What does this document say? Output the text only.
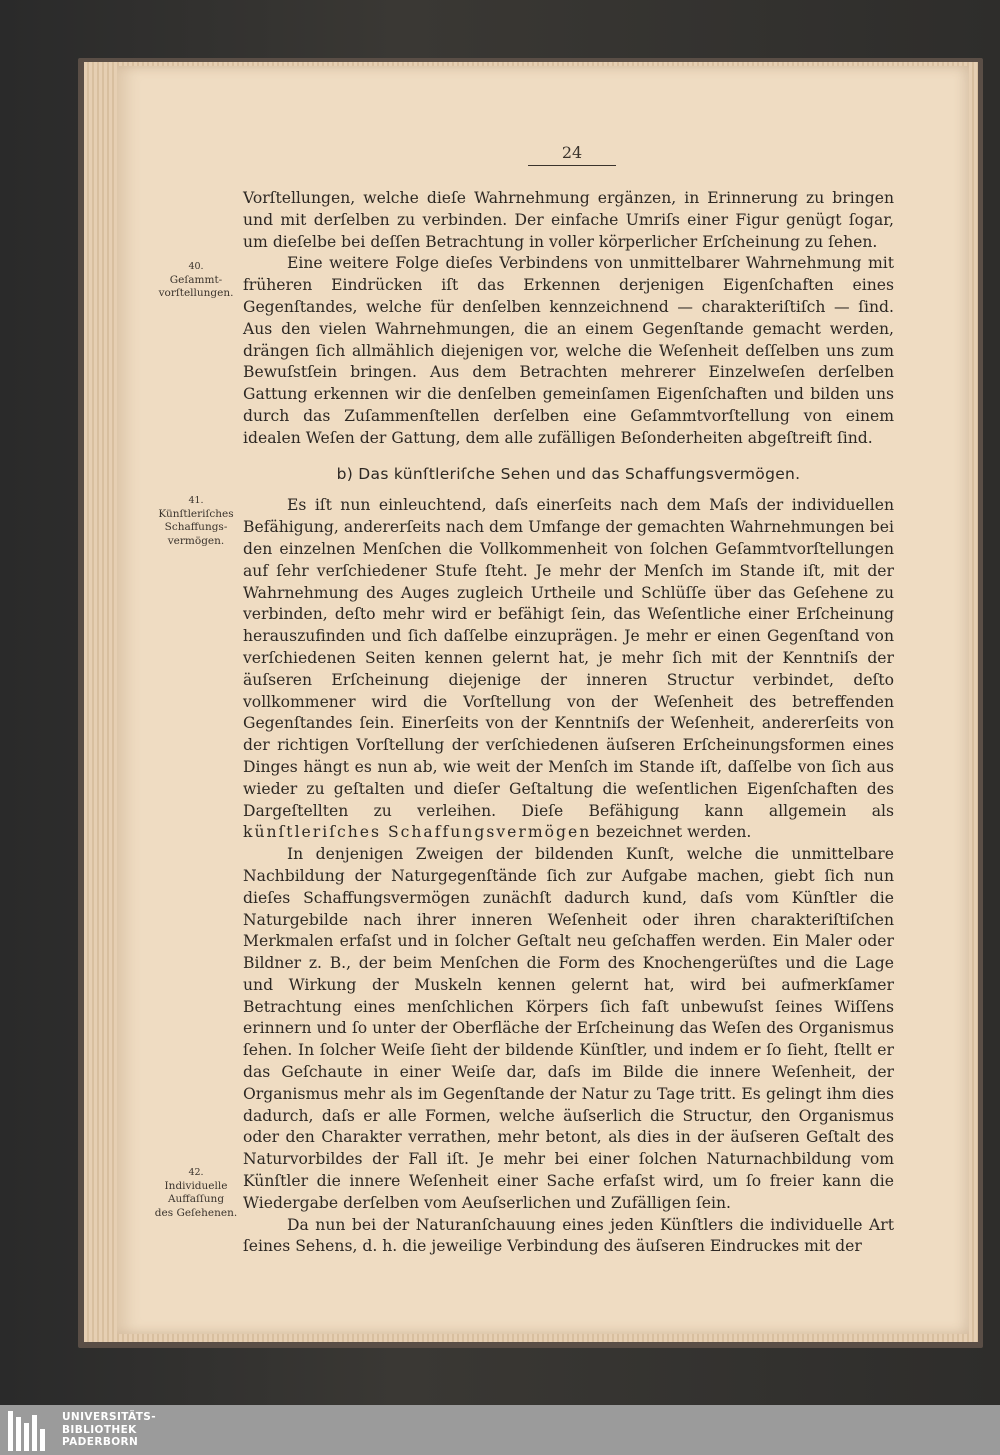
24
40.
Geſammt-
vorſtellungen.
41.
Künſtleriſches
Schaffungs-
vermögen.
42.
Individuelle
Auffaſſung
des Geſehenen.
Vorſtellungen, welche dieſe Wahrnehmung ergänzen, in Erinnerung zu bringen und mit derſelben zu verbinden. Der einfache Umriſs einer Figur genügt ſogar, um dieſelbe bei deſſen Betrachtung in voller körperlicher Erſcheinung zu ſehen.
Eine weitere Folge dieſes Verbindens von unmittelbarer Wahrnehmung mit früheren Eindrücken iſt das Erkennen derjenigen Eigenſchaften eines Gegenſtandes, welche für denſelben kennzeichnend — charakteriſtiſch — ſind. Aus den vielen Wahrnehmungen, die an einem Gegenſtande gemacht werden, drängen ſich allmählich diejenigen vor, welche die Weſenheit deſſelben uns zum Bewuſstſein bringen. Aus dem Betrachten mehrerer Einzelweſen derſelben Gattung erkennen wir die denſelben gemeinſamen Eigenſchaften und bilden uns durch das Zuſammenſtellen derſelben eine Geſammtvorſtellung von einem idealen Weſen der Gattung, dem alle zufälligen Beſonderheiten abgeſtreift ſind.
b) Das künſtleriſche Sehen und das Schaffungsvermögen.
Es iſt nun einleuchtend, daſs einerſeits nach dem Maſs der individuellen Befähigung, andererſeits nach dem Umfange der gemachten Wahrnehmungen bei den einzelnen Menſchen die Vollkommenheit von ſolchen Geſammtvorſtellungen auf ſehr verſchiedener Stufe ſteht. Je mehr der Menſch im Stande iſt, mit der Wahrnehmung des Auges zugleich Urtheile und Schlüſſe über das Geſehene zu verbinden, deſto mehr wird er befähigt ſein, das Weſentliche einer Erſcheinung herauszufinden und ſich daſſelbe einzuprägen. Je mehr er einen Gegenſtand von verſchiedenen Seiten kennen gelernt hat, je mehr ſich mit der Kenntniſs der äuſseren Erſcheinung diejenige der inneren Structur verbindet, deſto vollkommener wird die Vorſtellung von der Weſenheit des betreffenden Gegenſtandes ſein. Einerſeits von der Kenntniſs der Weſenheit, andererſeits von der richtigen Vorſtellung der verſchiedenen äuſseren Erſcheinungsformen eines Dinges hängt es nun ab, wie weit der Menſch im Stande iſt, daſſelbe von ſich aus wieder zu geſtalten und dieſer Geſtaltung die weſentlichen Eigenſchaften des Dargeſtellten zu verleihen. Dieſe Befähigung kann allgemein als künſtleriſches Schaffungsvermögen bezeichnet werden.
In denjenigen Zweigen der bildenden Kunſt, welche die unmittelbare Nachbildung der Naturgegenſtände ſich zur Aufgabe machen, giebt ſich nun dieſes Schaffungsvermögen zunächſt dadurch kund, daſs vom Künſtler die Naturgebilde nach ihrer inneren Weſenheit oder ihren charakteriſtiſchen Merkmalen erfaſst und in ſolcher Geſtalt neu geſchaffen werden. Ein Maler oder Bildner z. B., der beim Menſchen die Form des Knochengerüſtes und die Lage und Wirkung der Muskeln kennen gelernt hat, wird bei aufmerkſamer Betrachtung eines menſchlichen Körpers ſich faſt unbewuſst ſeines Wiſſens erinnern und ſo unter der Oberfläche der Erſcheinung das Weſen des Organismus ſehen. In ſolcher Weiſe ſieht der bildende Künſtler, und indem er ſo ſieht, ſtellt er das Geſchaute in einer Weiſe dar, daſs im Bilde die innere Weſenheit, der Organismus mehr als im Gegenſtande der Natur zu Tage tritt. Es gelingt ihm dies dadurch, daſs er alle Formen, welche äuſserlich die Structur, den Organismus oder den Charakter verrathen, mehr betont, als dies in der äuſseren Geſtalt des Naturvorbildes der Fall iſt. Je mehr bei einer ſolchen Naturnachbildung vom Künſtler die innere Weſenheit einer Sache erfaſst wird, um ſo freier kann die Wiedergabe derſelben vom Aeuſserlichen und Zufälligen ſein.
Da nun bei der Naturanſchauung eines jeden Künſtlers die individuelle Art ſeines Sehens, d. h. die jeweilige Verbindung des äuſseren Eindruckes mit der
UNIVERSITÄTS-
BIBLIOTHEK
PADERBORN
